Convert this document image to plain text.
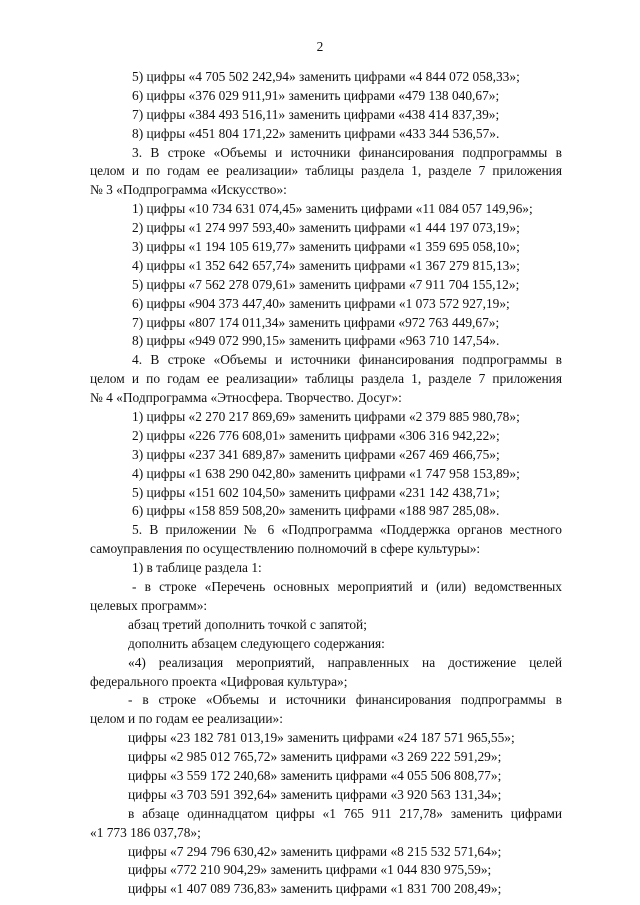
2
5) цифры «4 705 502 242,94» заменить цифрами «4 844 072 058,33»;
6) цифры «376 029 911,91» заменить цифрами «479 138 040,67»;
7) цифры «384 493 516,11» заменить цифрами «438 414 837,39»;
8) цифры «451 804 171,22» заменить цифрами «433 344 536,57».
3. В строке «Объемы и источники финансирования подпрограммы в
целом и по годам ее реализации» таблицы раздела 1, разделе 7 приложения
№ 3 «Подпрограмма «Искусство»:
1) цифры «10 734 631 074,45» заменить цифрами «11 084 057 149,96»;
2) цифры «1 274 997 593,40» заменить цифрами «1 444 197 073,19»;
3) цифры «1 194 105 619,77» заменить цифрами «1 359 695 058,10»;
4) цифры «1 352 642 657,74» заменить цифрами «1 367 279 815,13»;
5) цифры «7 562 278 079,61» заменить цифрами «7 911 704 155,12»;
6) цифры «904 373 447,40» заменить цифрами «1 073 572 927,19»;
7) цифры «807 174 011,34» заменить цифрами «972 763 449,67»;
8) цифры «949 072 990,15» заменить цифрами «963 710 147,54».
4. В строке «Объемы и источники финансирования подпрограммы в
целом и по годам ее реализации» таблицы раздела 1, разделе 7 приложения
№ 4 «Подпрограмма «Этносфера. Творчество. Досуг»:
1) цифры «2 270 217 869,69» заменить цифрами «2 379 885 980,78»;
2) цифры «226 776 608,01» заменить цифрами «306 316 942,22»;
3) цифры «237 341 689,87» заменить цифрами «267 469 466,75»;
4) цифры «1 638 290 042,80» заменить цифрами «1 747 958 153,89»;
5) цифры «151 602 104,50» заменить цифрами «231 142 438,71»;
6) цифры «158 859 508,20» заменить цифрами «188 987 285,08».
5. В приложении № 6 «Подпрограмма «Поддержка органов местного
самоуправления по осуществлению полномочий в сфере культуры»:
1) в таблице раздела 1:
- в строке «Перечень основных мероприятий и (или) ведомственных
целевых программ»:
абзац третий дополнить точкой с запятой;
дополнить абзацем следующего содержания:
«4) реализация мероприятий, направленных на достижение целей
федерального проекта «Цифровая культура»;
- в строке «Объемы и источники финансирования подпрограммы в
целом и по годам ее реализации»:
цифры «23 182 781 013,19» заменить цифрами «24 187 571 965,55»;
цифры «2 985 012 765,72» заменить цифрами «3 269 222 591,29»;
цифры «3 559 172 240,68» заменить цифрами «4 055 506 808,77»;
цифры «3 703 591 392,64» заменить цифрами «3 920 563 131,34»;
в абзаце одиннадцатом цифры «1 765 911 217,78» заменить цифрами
«1 773 186 037,78»;
цифры «7 294 796 630,42» заменить цифрами «8 215 532 571,64»;
цифры «772 210 904,29» заменить цифрами «1 044 830 975,59»;
цифры «1 407 089 736,83» заменить цифрами «1 831 700 208,49»;
